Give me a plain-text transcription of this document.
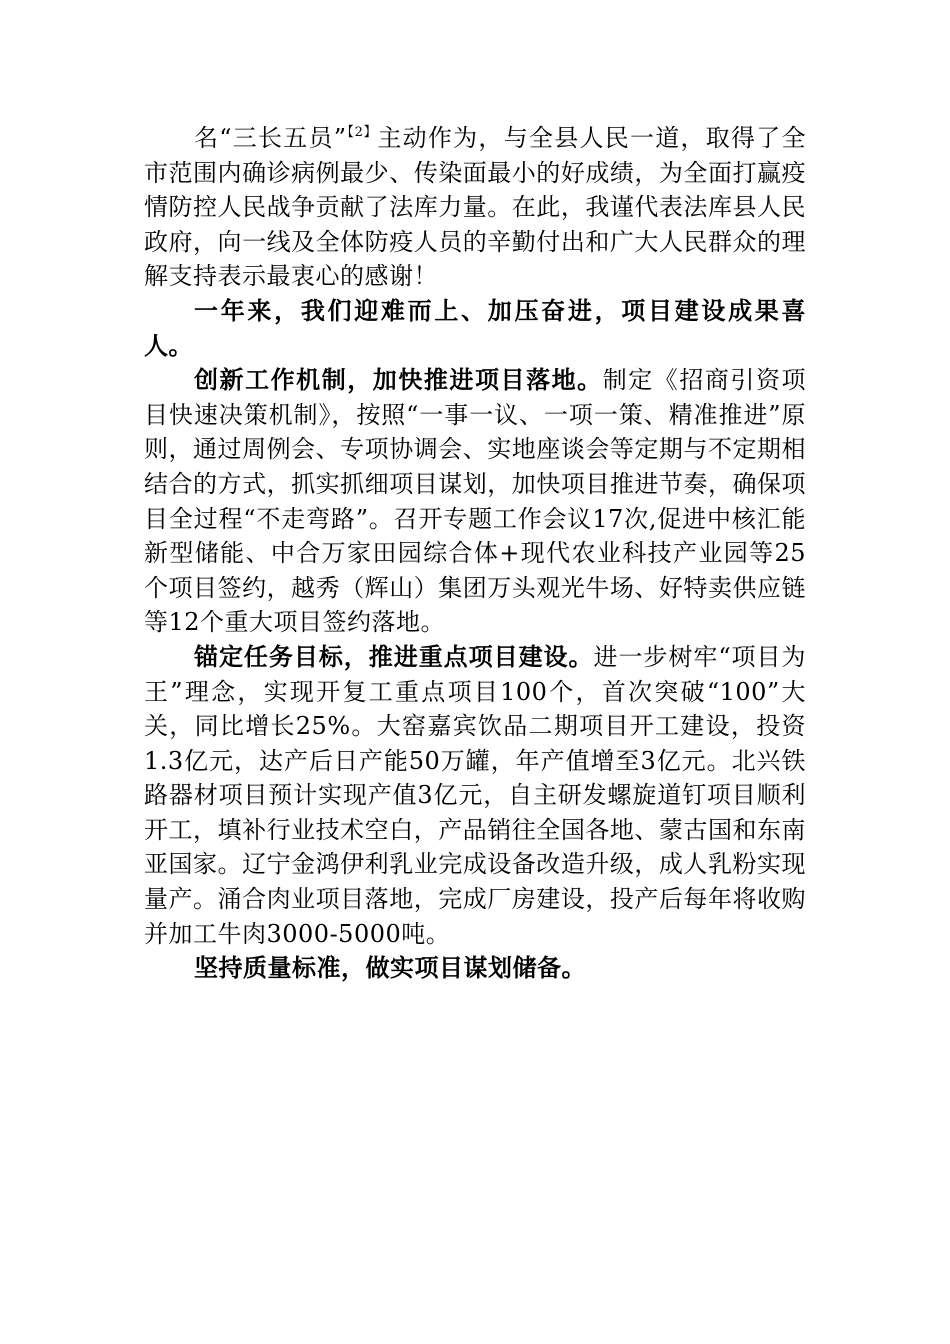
名“三长五员”$^{【2】}$主动作为，与全县人民一道，取得了全市范围内确诊病例最少、传染面最小的好成绩，为全面打赢疫情防控人民战争贡献了法库力量。在此，我谨代表法库县人民政府，向一线及全体防疫人员的辛勤付出和广大人民群众的理解支持表示最衷心的感谢！

一年来，我们迎难而上、加压奋进，项目建设成果喜人。

创新工作机制，加快推进项目落地。制定《招商引资项目快速决策机制》，按照“一事一议、一项一策、精准推进”原则，通过周例会、专项协调会、实地座谈会等定期与不定期相结合的方式，抓实抓细项目谋划，加快项目推进节奏，确保项目全过程“不走弯路”。召开专题工作会议17次,促进中核汇能新型储能、中合万家田园综合体+现代农业科技产业园等25个项目签约，越秀（辉山）集团万头观光牛场、好特卖供应链等12个重大项目签约落地。

锚定任务目标，推进重点项目建设。进一步树牢“项目为王”理念，实现开复工重点项目100个，首次突破“100”大关，同比增长25%。大窑嘉宾饮品二期项目开工建设，投资1.3亿元，达产后日产能50万罐，年产值增至3亿元。北兴铁路器材项目预计实现产值3亿元，自主研发螺旋道钉项目顺利开工，填补行业技术空白，产品销往全国各地、蒙古国和东南亚国家。辽宁金鸿伊利乳业完成设备改造升级，成人乳粉实现量产。涌合肉业项目落地，完成厂房建设，投产后每年将收购并加工牛肉3000-5000吨。

坚持质量标准，做实项目谋划储备。
